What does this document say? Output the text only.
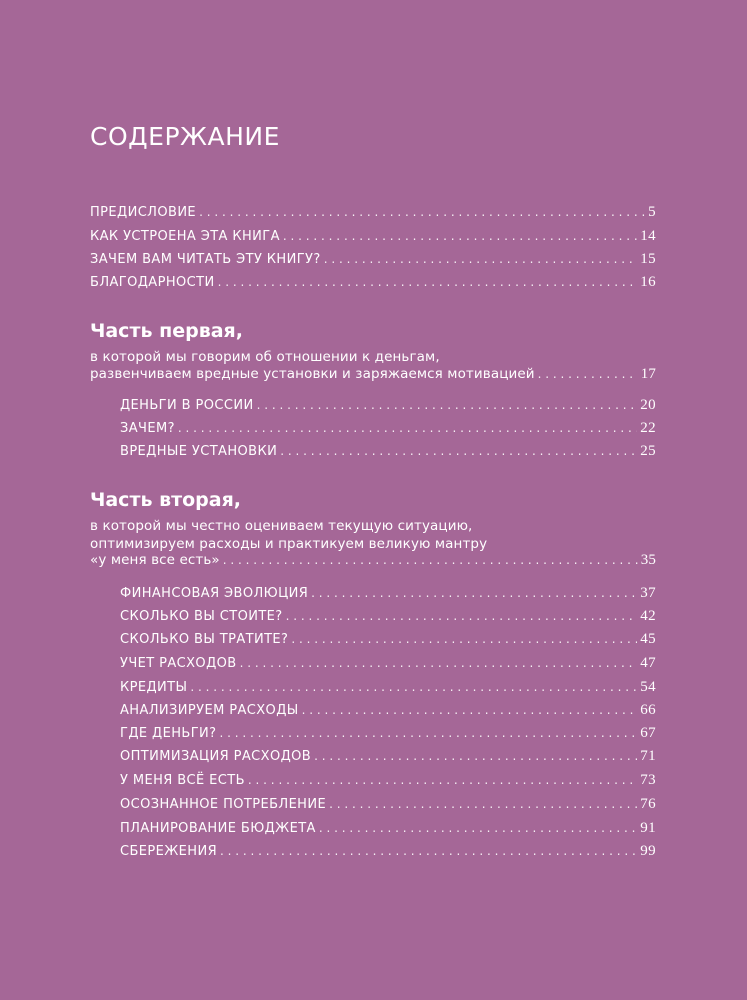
СОДЕРЖАНИЕ
ПРЕДИСЛОВИЕ . . .	5
КАК УСТРОЕНА ЭТА КНИГА . . .	14
ЗАЧЕМ ВАМ ЧИТАТЬ ЭТУ КНИГУ? . . .	15
БЛАГОДАРНОСТИ . . .	16
Часть первая,
в которой мы говорим об отношении к деньгам,
развенчиваем вредные установки и заряжаемся мотивацией . . .	17
ДЕНЬГИ В РОССИИ . . .	20
ЗАЧЕМ? . . .	22
ВРЕДНЫЕ УСТАНОВКИ . . .	25
Часть вторая,
в которой мы честно оцениваем текущую ситуацию,
оптимизируем расходы и практикуем великую мантру
«у меня все есть» . . .	35
ФИНАНСОВАЯ ЭВОЛЮЦИЯ . . .	37
СКОЛЬКО ВЫ СТОИТЕ? . . .	42
СКОЛЬКО ВЫ ТРАТИТЕ? . . .	45
УЧЕТ РАСХОДОВ . . .	47
КРЕДИТЫ . . .	54
АНАЛИЗИРУЕМ РАСХОДЫ . . .	66
ГДЕ ДЕНЬГИ? . . .	67
ОПТИМИЗАЦИЯ РАСХОДОВ . . .	71
У МЕНЯ ВСЁ ЕСТЬ . . .	73
ОСОЗНАННОЕ ПОТРЕБЛЕНИЕ . . .	76
ПЛАНИРОВАНИЕ БЮДЖЕТА . . .	91
СБЕРЕЖЕНИЯ . . .	99
